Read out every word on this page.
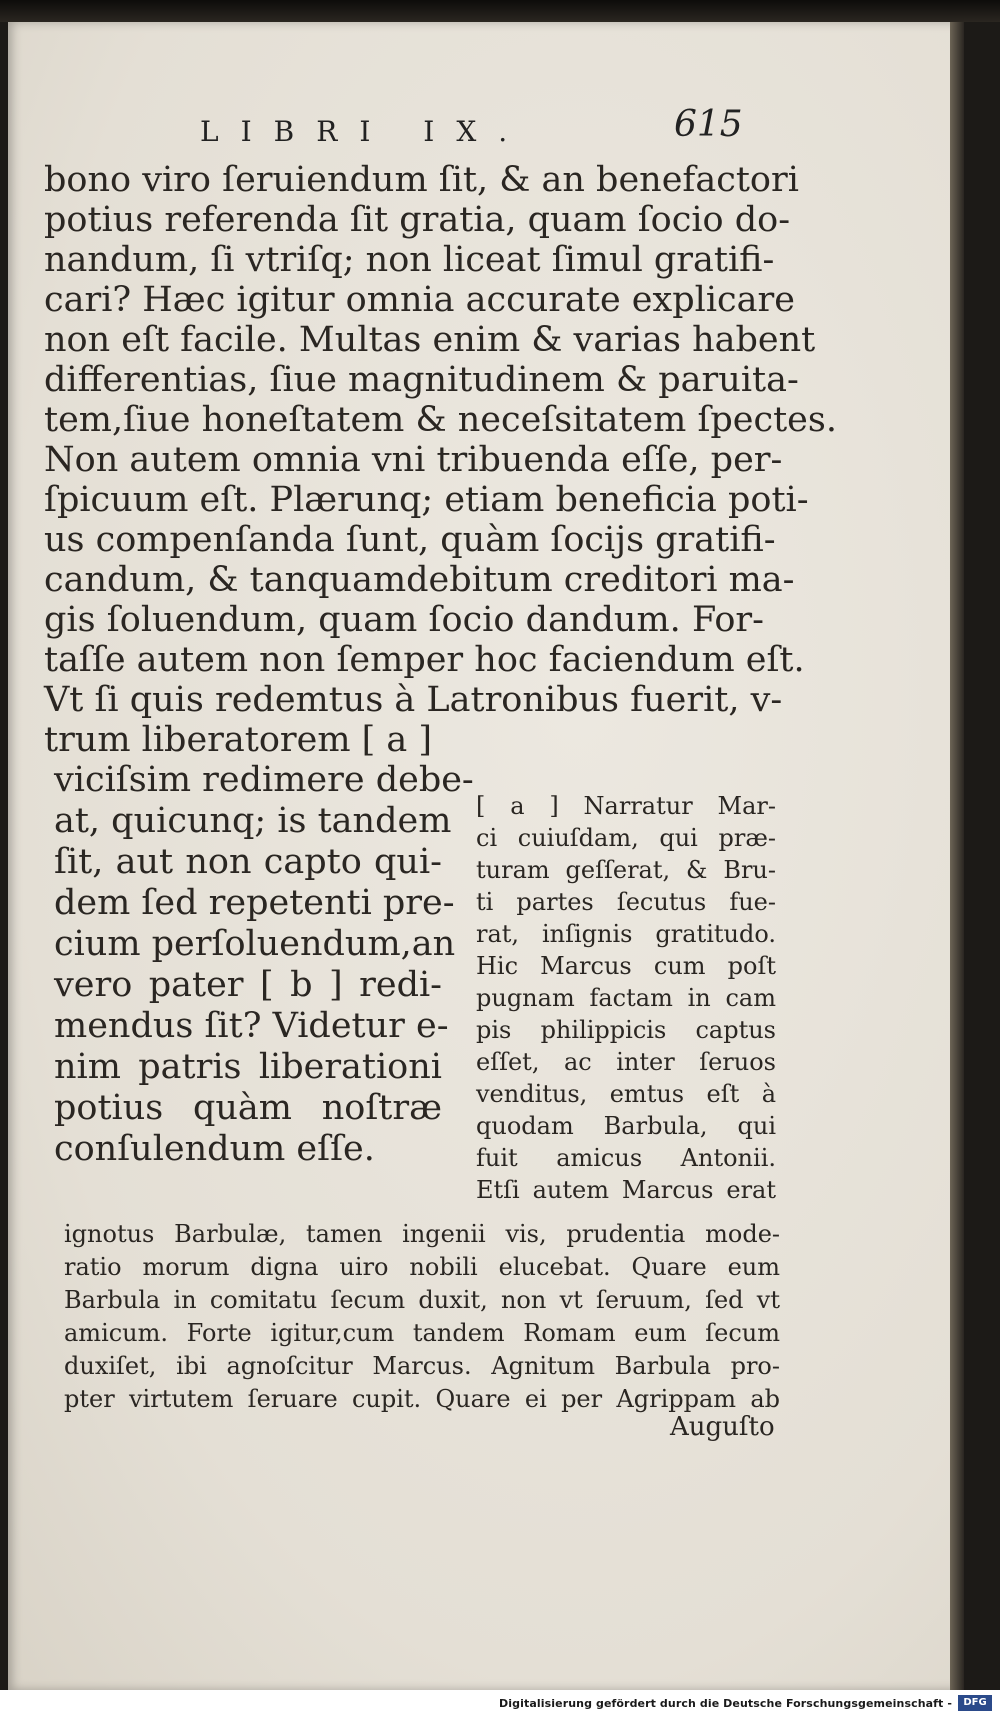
LIBRI IX.	615
bono viro ſeruiendum ſit, & an benefactori
potius referenda ſit gratia, quam ſocio do-
nandum, ſi vtriſq; non liceat ſimul gratifi-
cari? Hæc igitur omnia accurate explicare
non eſt facile. Multas enim & varias habent
differentias, ſiue magnitudinem & paruita-
tem,ſiue honeſtatem & neceſsitatem ſpectes.
Non autem omnia vni tribuenda eſſe, per-
ſpicuum eſt. Plærunq; etiam beneficia poti-
us compenſanda ſunt, quàm ſocijs gratifi-
candum, & tanquamdebitum creditori ma-
gis ſoluendum, quam ſocio dandum. For-
taſſe autem non ſemper hoc faciendum eſt.
Vt ſi quis redemtus à Latronibus fuerit, v-
trum liberatorem [ a ]
viciſsim redimere debe-
at, quicunq; is tandem
ſit, aut non capto qui-
dem ſed repetenti pre-
cium perſoluendum,an
vero pater [ b ] redi-
mendus ſit? Videtur e-
nim patris liberationi
potius quàm noſtræ
conſulendum eſſe.
[ a ] Narratur Mar-
ci cuiuſdam, qui præ-
turam geſſerat, & Bru-
ti partes ſecutus fue-
rat, inſignis gratitudo.
Hic Marcus cum poſt
pugnam factam in cam
pis philippicis captus
eſſet, ac inter ſeruos
venditus, emtus eſt à
quodam Barbula, qui
fuit amicus Antonii.
Etſi autem Marcus erat
ignotus Barbulæ, tamen ingenii vis, prudentia mode-
ratio morum digna uiro nobili elucebat. Quare eum
Barbula in comitatu ſecum duxit, non vt ſeruum, ſed vt
amicum. Forte igitur,cum tandem Romam eum ſecum
duxiſet, ibi agnoſcitur Marcus. Agnitum Barbula pro-
pter virtutem ſeruare cupit. Quare ei per Agrippam ab
Auguſto
Digitalisierung gefördert durch die Deutsche Forschungsgemeinschaft -	DFG
